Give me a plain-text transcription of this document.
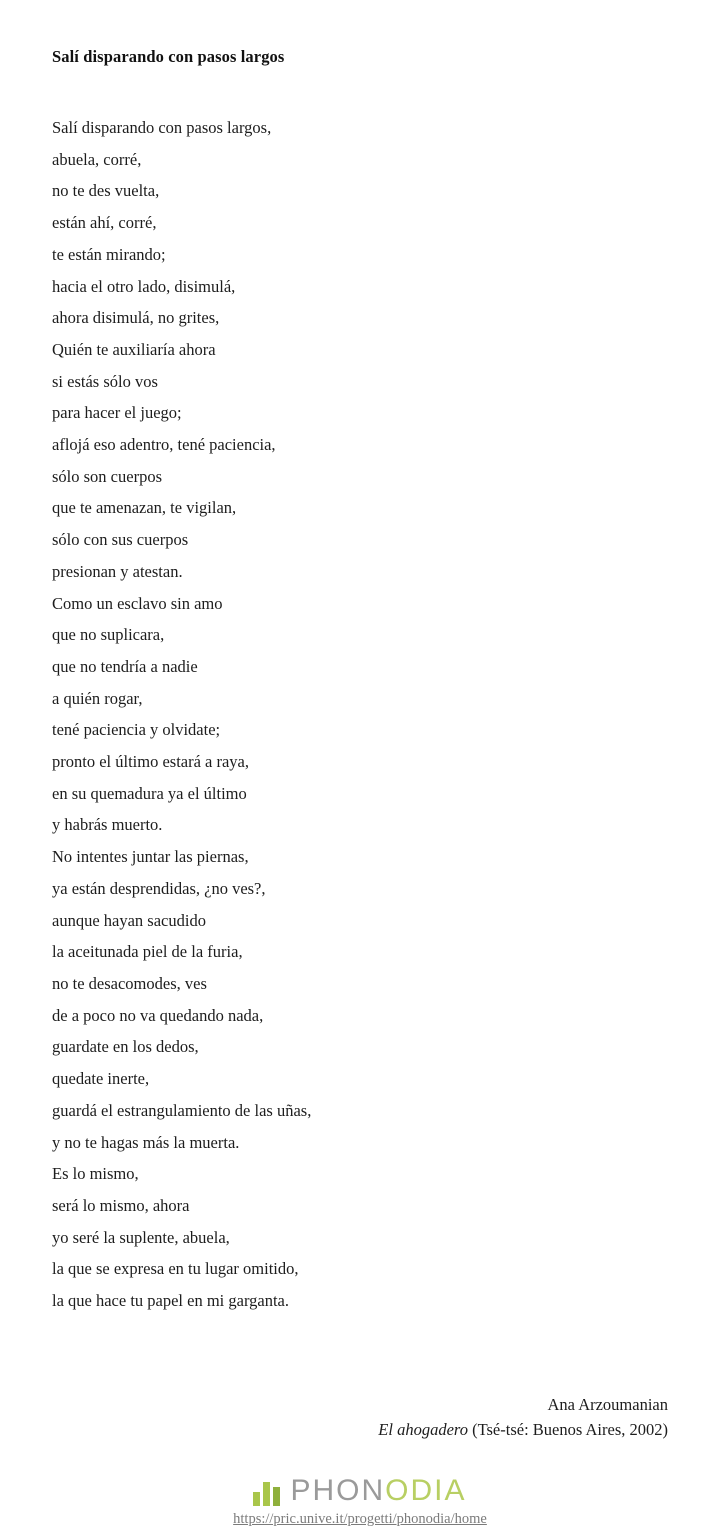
Salí disparando con pasos largos
Salí disparando con pasos largos,
abuela, corré,
no te des vuelta,
están ahí, corré,
te están mirando;
hacia el otro lado, disimulá,
ahora disimulá, no grites,
Quién te auxiliaría ahora
si estás sólo vos
para hacer el juego;
aflojá eso adentro, tené paciencia,
sólo son cuerpos
que te amenazan, te vigilan,
sólo con sus cuerpos
presionan y atestan.
Como un esclavo sin amo
que no suplicara,
que no tendría a nadie
a quién rogar,
tené paciencia y olvidate;
pronto el último estará a raya,
en su quemadura ya el último
y habrás muerto.
No intentes juntar las piernas,
ya están desprendidas, ¿no ves?,
aunque hayan sacudido
la aceitunada piel de la furia,
no te desacomodes, ves
de a poco no va quedando nada,
guardate en los dedos,
quedate inerte,
guardá el estrangulamiento de las uñas,
y no te hagas más la muerta.
Es lo mismo,
será lo mismo, ahora
yo seré la suplente, abuela,
la que se expresa en tu lugar omitido,
la que hace tu papel en mi garganta.
Ana Arzoumanian
El ahogadero (Tsé-tsé: Buenos Aires, 2002)
PHONODIA
https://pric.unive.it/progetti/phonodia/home
